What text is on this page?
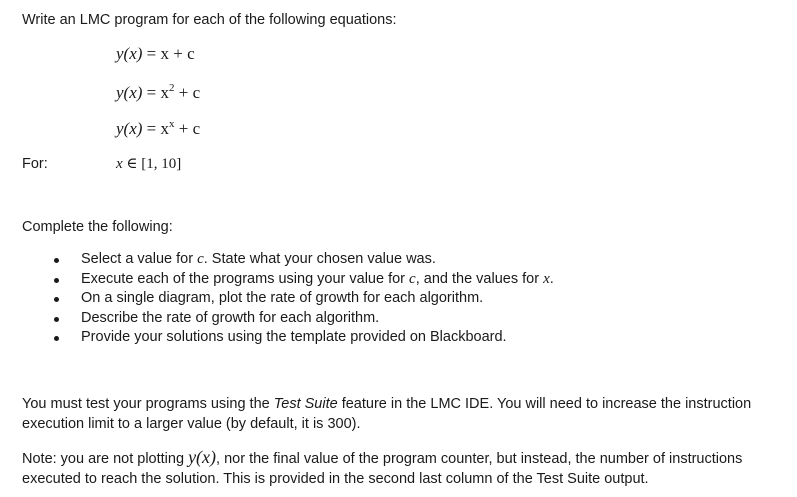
Write an LMC program for each of the following equations:
y(x) = x + c
$y(x) = x^2 + c$
$y(x) = x^x + c$
For:	x ∈ [1, 10]
Complete the following:
Select a value for c. State what your chosen value was.
Execute each of the programs using your value for c, and the values for x.
On a single diagram, plot the rate of growth for each algorithm.
Describe the rate of growth for each algorithm.
Provide your solutions using the template provided on Blackboard.
You must test your programs using the Test Suite feature in the LMC IDE. You will need to increase the instruction execution limit to a larger value (by default, it is 300).
Note: you are not plotting y(x), nor the final value of the program counter, but instead, the number of instructions executed to reach the solution. This is provided in the second last column of the Test Suite output.
